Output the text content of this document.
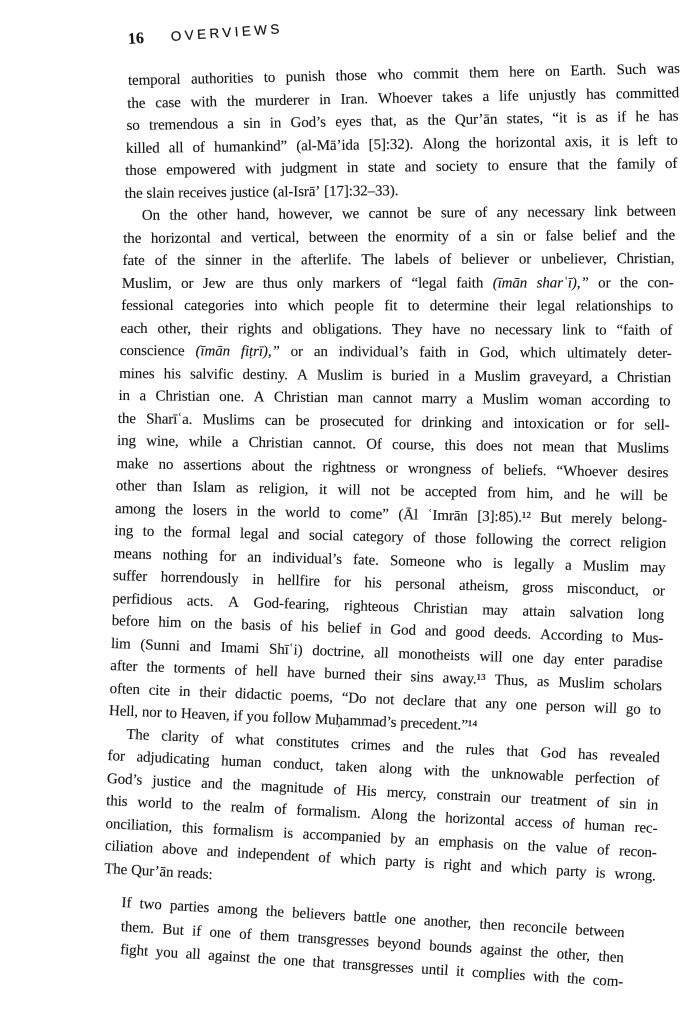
16 OVERVIEWS
temporal authorities to punish those who commit them here on Earth. Such was
the case with the murderer in Iran. Whoever takes a life unjustly has committed
so tremendous a sin in God’s eyes that, as the Qur’ān states, “it is as if he has
killed all of humankind” (al-Mā’ida [5]:32). Along the horizontal axis, it is left to
those empowered with judgment in state and society to ensure that the family of
the slain receives justice (al-Isrā’ [17]:32–33).
On the other hand, however, we cannot be sure of any necessary link between
the horizontal and vertical, between the enormity of a sin or false belief and the
fate of the sinner in the afterlife. The labels of believer or unbeliever, Christian,
Muslim, or Jew are thus only markers of “legal faith (īmān sharʿī),” or the con-
fessional categories into which people fit to determine their legal relationships to
each other, their rights and obligations. They have no necessary link to “faith of
conscience (īmān fiṭrī),” or an individual’s faith in God, which ultimately deter-
mines his salvific destiny. A Muslim is buried in a Muslim graveyard, a Christian
in a Christian one. A Christian man cannot marry a Muslim woman according to
the Sharīʿa. Muslims can be prosecuted for drinking and intoxication or for sell-
ing wine, while a Christian cannot. Of course, this does not mean that Muslims
make no assertions about the rightness or wrongness of beliefs. “Whoever desires
other than Islam as religion, it will not be accepted from him, and he will be
among the losers in the world to come” (Āl ʿImrān [3]:85).¹² But merely belong-
ing to the formal legal and social category of those following the correct religion
means nothing for an individual’s fate. Someone who is legally a Muslim may
suffer horrendously in hellfire for his personal atheism, gross misconduct, or
perfidious acts. A God-fearing, righteous Christian may attain salvation long
before him on the basis of his belief in God and good deeds. According to Mus-
lim (Sunni and Imami Shīʿi) doctrine, all monotheists will one day enter paradise
after the torments of hell have burned their sins away.¹³ Thus, as Muslim scholars
often cite in their didactic poems, “Do not declare that any one person will go to
Hell, nor to Heaven, if you follow Muḥammad’s precedent.”¹⁴
The clarity of what constitutes crimes and the rules that God has revealed
for adjudicating human conduct, taken along with the unknowable perfection of
God’s justice and the magnitude of His mercy, constrain our treatment of sin in
this world to the realm of formalism. Along the horizontal access of human rec-
onciliation, this formalism is accompanied by an emphasis on the value of recon-
ciliation above and independent of which party is right and which party is wrong.
The Qur’ān reads:
If two parties among the believers battle one another, then reconcile between
them. But if one of them transgresses beyond bounds against the other, then
fight you all against the one that transgresses until it complies with the com-
